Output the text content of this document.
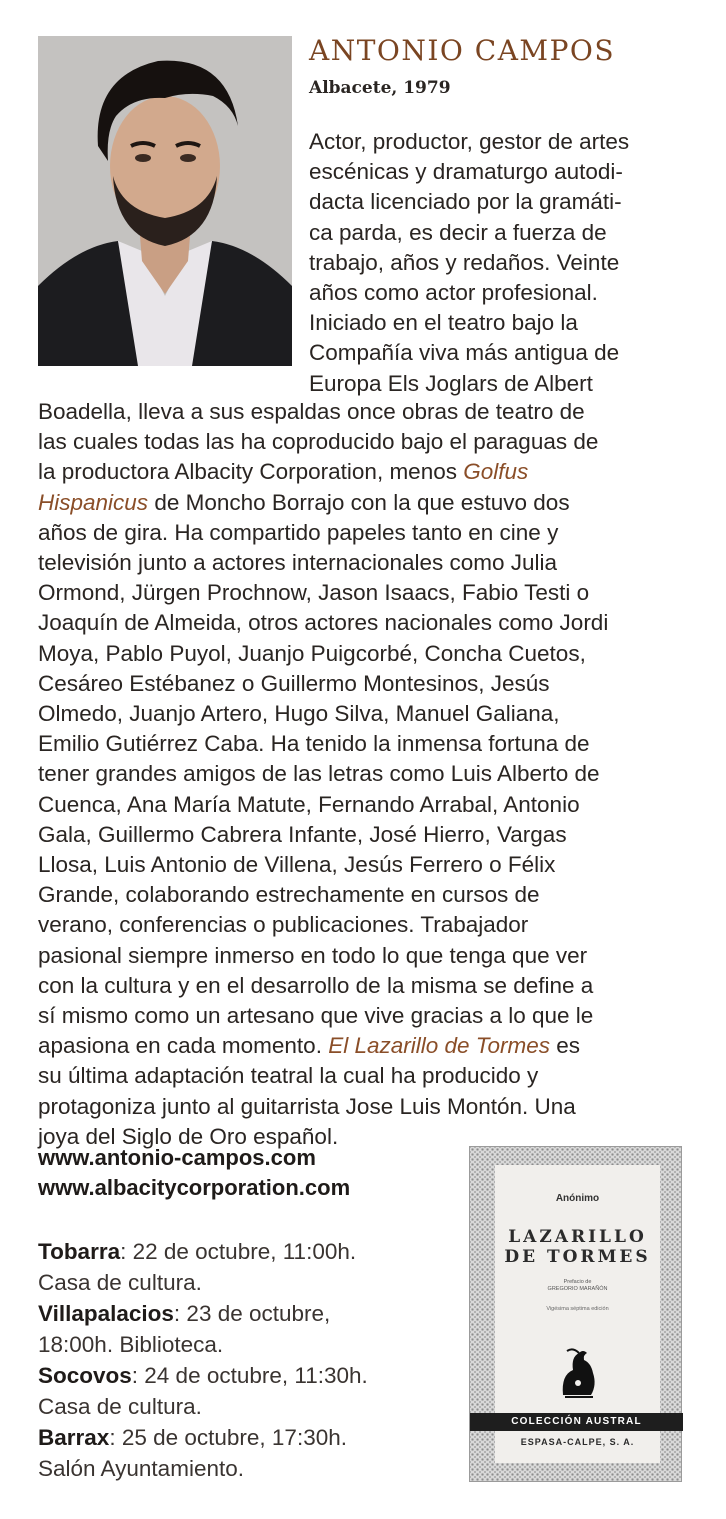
ANTONIO CAMPOS
Albacete, 1979
Actor, productor, gestor de artes
escénicas y dramaturgo autodi-
dacta licenciado por la gramáti-
ca parda, es decir a fuerza de
trabajo, años y redaños. Veinte
años como actor profesional.
Iniciado en el teatro bajo la
Compañía viva más antigua de
Europa Els Joglars de Albert
Boadella, lleva a sus espaldas once obras de teatro de
las cuales todas las ha coproducido bajo el paraguas de
la productora Albacity Corporation, menos Golfus
Hispanicus de Moncho Borrajo con la que estuvo dos
años de gira. Ha compartido papeles tanto en cine y
televisión junto a actores internacionales como Julia
Ormond, Jürgen Prochnow, Jason Isaacs, Fabio Testi o
Joaquín de Almeida, otros actores nacionales como Jordi
Moya, Pablo Puyol, Juanjo Puigcorbé, Concha Cuetos,
Cesáreo Estébanez o Guillermo Montesinos, Jesús
Olmedo, Juanjo Artero, Hugo Silva, Manuel Galiana,
Emilio Gutiérrez Caba. Ha tenido la inmensa fortuna de
tener grandes amigos de las letras como Luis Alberto de
Cuenca, Ana María Matute, Fernando Arrabal, Antonio
Gala, Guillermo Cabrera Infante, José Hierro, Vargas
Llosa, Luis Antonio de Villena, Jesús Ferrero o Félix
Grande, colaborando estrechamente en cursos de
verano, conferencias o publicaciones. Trabajador
pasional siempre inmerso en todo lo que tenga que ver
con la cultura y en el desarrollo de la misma se define a
sí mismo como un artesano que vive gracias a lo que le
apasiona en cada momento. El Lazarillo de Tormes es
su última adaptación teatral la cual ha producido y
protagoniza junto al guitarrista Jose Luis Montón. Una
joya del Siglo de Oro español.
www.antonio-campos.com
www.albacitycorporation.com
Tobarra: 22 de octubre, 11:00h.
Casa de cultura.
Villapalacios: 23 de octubre,
18:00h. Biblioteca.
Socovos: 24 de octubre, 11:30h.
Casa de cultura.
Barrax: 25 de octubre, 17:30h.
Salón Ayuntamiento.
Anónimo
LAZARILLO
DE TORMES
Prefacio de
GREGORIO MARAÑÓN
Vigésima séptima edición
COLECCIÓN AUSTRAL
ESPASA-CALPE, S. A.
